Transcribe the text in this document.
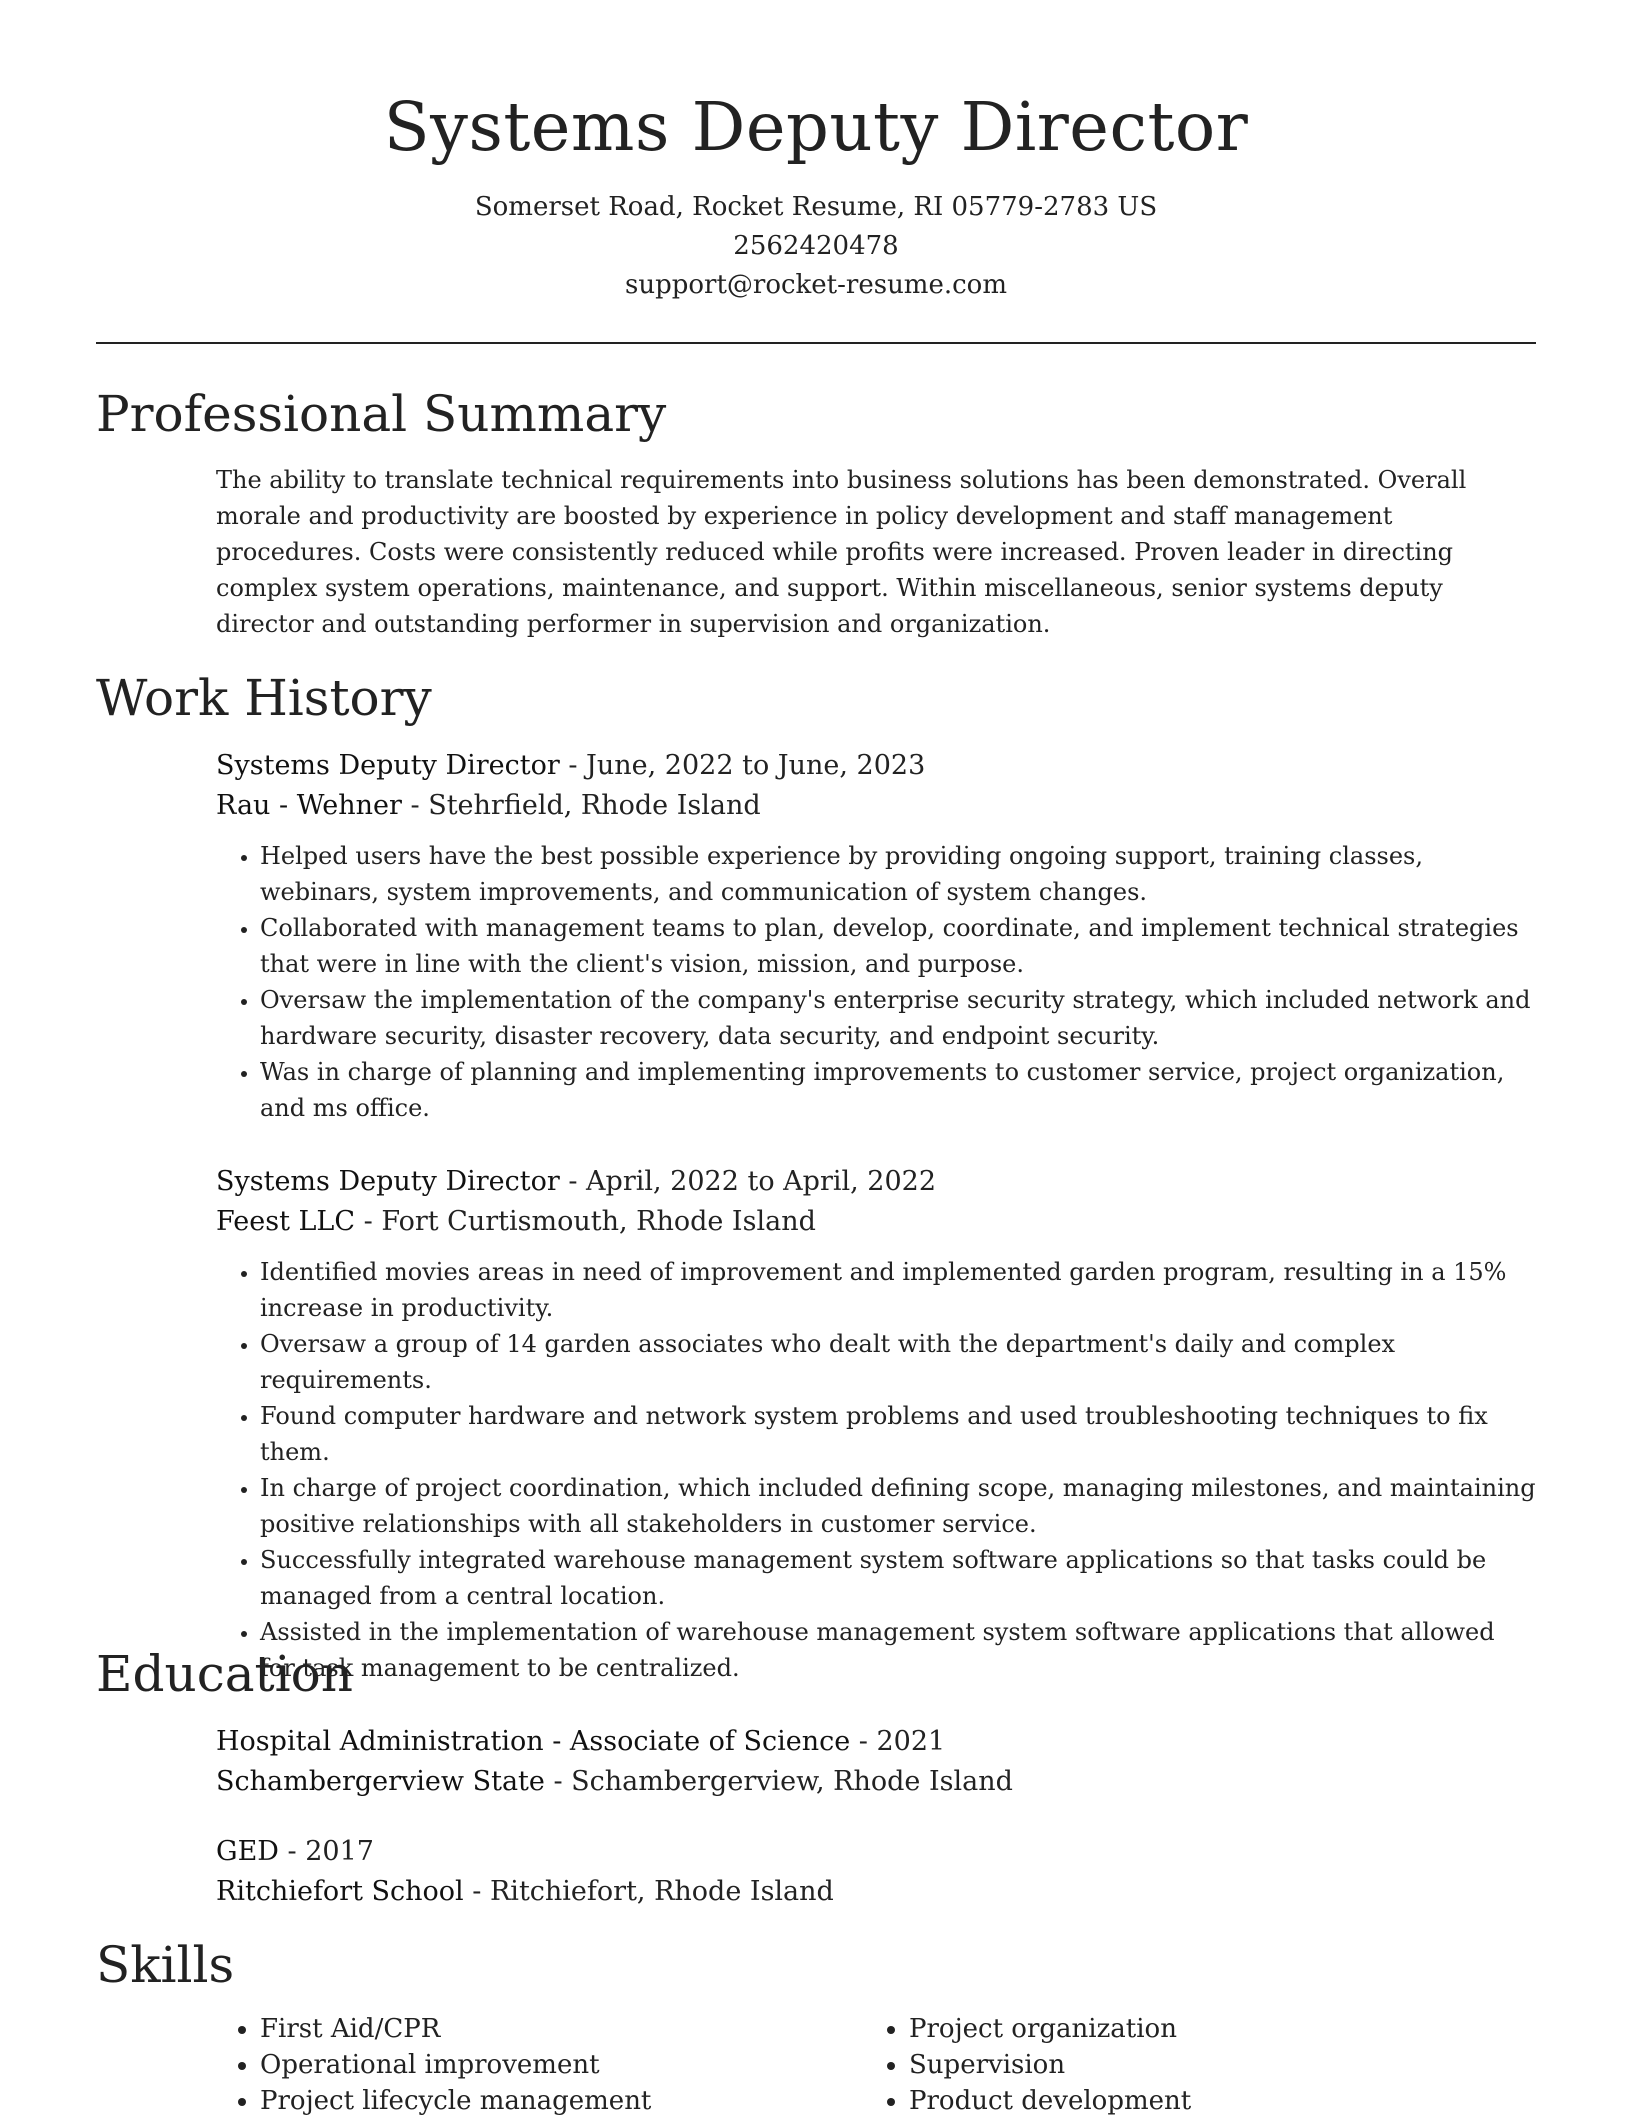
Systems Deputy Director
Somerset Road, Rocket Resume, RI 05779-2783 US
2562420478
support@rocket-resume.com
Professional Summary

The ability to translate technical requirements into business solutions has been demonstrated. Overall morale and productivity are boosted by experience in policy development and staff management procedures. Costs were consistently reduced while profits were increased. Proven leader in directing complex system operations, maintenance, and support. Within miscellaneous, senior systems deputy director and outstanding performer in supervision and organization.

Work History
Systems Deputy Director - June, 2022 to June, 2023
Rau - Wehner - Stehrfield, Rhode Island
• Helped users have the best possible experience by providing ongoing support, training classes, webinars, system improvements, and communication of system changes.
• Collaborated with management teams to plan, develop, coordinate, and implement technical strategies that were in line with the client's vision, mission, and purpose.
• Oversaw the implementation of the company's enterprise security strategy, which included network and hardware security, disaster recovery, data security, and endpoint security.
• Was in charge of planning and implementing improvements to customer service, project organization, and ms office.
Systems Deputy Director - April, 2022 to April, 2022
Feest LLC - Fort Curtismouth, Rhode Island
• Identified movies areas in need of improvement and implemented garden program, resulting in a 15% increase in productivity.
• Oversaw a group of 14 garden associates who dealt with the department's daily and complex requirements.
• Found computer hardware and network system problems and used troubleshooting techniques to fix them.
• In charge of project coordination, which included defining scope, managing milestones, and maintaining positive relationships with all stakeholders in customer service.
• Successfully integrated warehouse management system software applications so that tasks could be managed from a central location.
• Assisted in the implementation of warehouse management system software applications that allowed for task management to be centralized.
Education
Hospital Administration - Associate of Science - 2021
Schambergerview State - Schambergerview, Rhode Island
GED - 2017
Ritchiefort School - Ritchiefort, Rhode Island
Skills
• First Aid/CPR
• Operational improvement
• Project lifecycle management
• Project organization
• Supervision
• Product development
